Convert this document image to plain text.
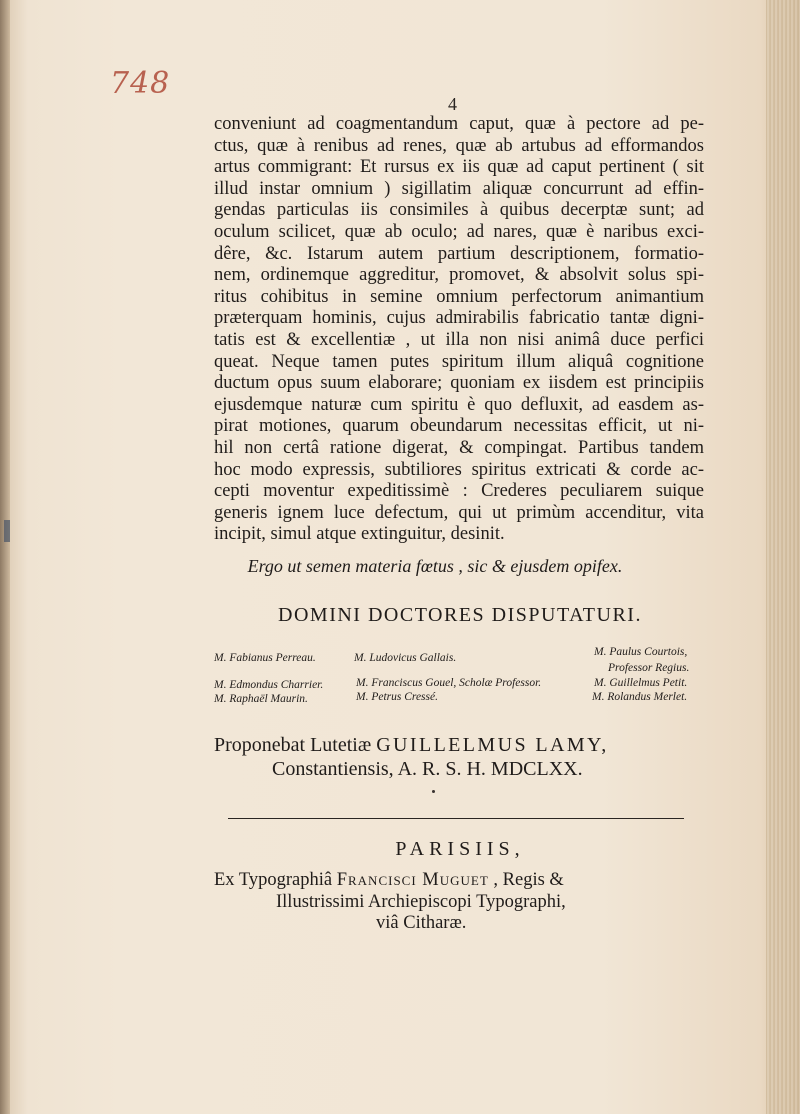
748
4
conveniunt ad coagmentandum caput, quæ à pectore ad pe-
ctus, quæ à renibus ad renes, quæ ab artubus ad efformandos
artus commigrant: Et rursus ex iis quæ ad caput pertinent ( sit
illud instar omnium ) sigillatim aliquæ concurrunt ad effin-
gendas particulas iis consimiles à quibus decerptæ sunt; ad
oculum scilicet, quæ ab oculo; ad nares, quæ è naribus exci-
dêre, &c. Istarum autem partium descriptionem, formatio-
nem, ordinemque aggreditur, promovet, & absolvit solus spi-
ritus cohibitus in semine omnium perfectorum animantium
præterquam hominis, cujus admirabilis fabricatio tantæ digni-
tatis est & excellentiæ , ut illa non nisi animâ duce perfici
queat. Neque tamen putes spiritum illum aliquâ cognitione
ductum opus suum elaborare; quoniam ex iisdem est principiis
ejusdemque naturæ cum spiritu è quo defluxit, ad easdem as-
pirat motiones, quarum obeundarum necessitas efficit, ut ni-
hil non certâ ratione digerat, & compingat. Partibus tandem
hoc modo expressis, subtiliores spiritus extricati & corde ac-
cepti moventur expeditissimè : Crederes peculiarem suique
generis ignem luce defectum, qui ut primùm accenditur, vita
incipit, simul atque extinguitur, desinit.
Ergo ut semen materia fœtus , sic & ejusdem opifex.
DOMINI DOCTORES DISPUTATURI.
M. Fabianus Perreau.	M. Ludovicus Gallais.	M. Paulus Courtois,
Professor Regius.
M. Edmondus Charrier.	M. Franciscus Gouel, Scholæ Professor.	M. Guillelmus Petit.
M. Raphaël Maurin.	M. Petrus Cressé.	M. Rolandus Merlet.
Proponebat Lutetiæ GUILLELMUS LAMY,
Constantiensis, A. R. S. H. MDCLXX.
PARISIIS,
Ex Typographiâ Francisci Muguet , Regis &
Illustrissimi Archiepiscopi Typographi,
viâ Citharæ.
